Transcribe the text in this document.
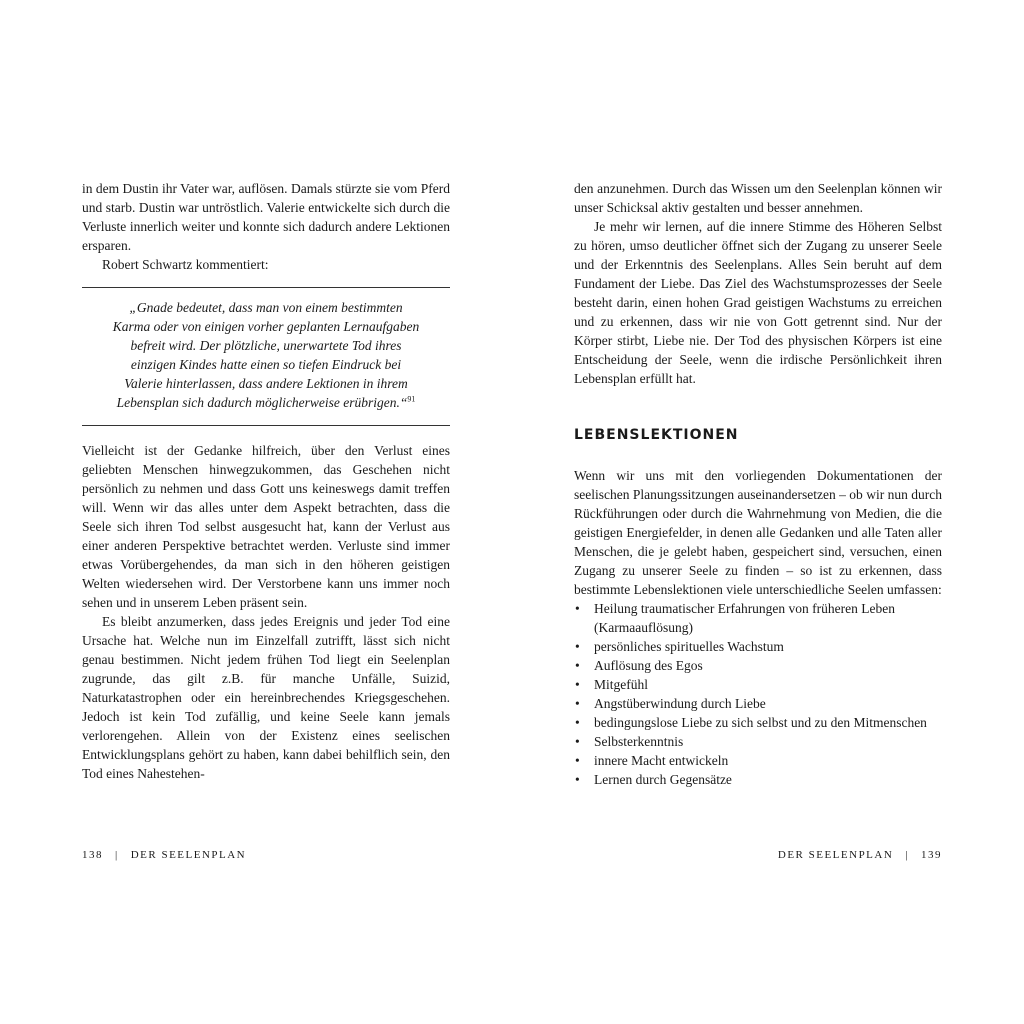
in dem Dustin ihr Vater war, auflösen. Damals stürzte sie vom Pferd und starb. Dustin war untröstlich. Valerie entwickelte sich durch die Verluste innerlich weiter und konnte sich dadurch andere Lektionen ersparen.

Robert Schwartz kommentiert:

„Gnade bedeutet, dass man von einem bestimmten Karma oder von einigen vorher geplanten Lernaufgaben befreit wird. Der plötzliche, unerwartete Tod ihres einzigen Kindes hatte einen so tiefen Eindruck bei Valerie hinterlassen, dass andere Lektionen in ihrem Lebensplan sich dadurch möglicherweise erübrigen.“$^{91}$

Vielleicht ist der Gedanke hilfreich, über den Verlust eines geliebten Menschen hinwegzukommen, das Geschehen nicht persönlich zu nehmen und dass Gott uns keineswegs damit treffen will. Wenn wir das alles unter dem Aspekt betrachten, dass die Seele sich ihren Tod selbst ausgesucht hat, kann der Verlust aus einer anderen Perspektive betrachtet werden. Verluste sind immer etwas Vorübergehendes, da man sich in den höheren geistigen Welten wiedersehen wird. Der Verstorbene kann uns immer noch sehen und in unserem Leben präsent sein.

Es bleibt anzumerken, dass jedes Ereignis und jeder Tod eine Ursache hat. Welche nun im Einzelfall zutrifft, lässt sich nicht genau bestimmen. Nicht jedem frühen Tod liegt ein Seelenplan zugrunde, das gilt z.B. für manche Unfälle, Suizid, Naturkatastrophen oder ein hereinbrechendes Kriegsgeschehen. Jedoch ist kein Tod zufällig, und keine Seele kann jemals verlorengehen. Allein von der Existenz eines seelischen Entwicklungsplans gehört zu haben, kann dabei behilflich sein, den Tod eines Nahestehen-

138 | DER SEELENPLAN

den anzunehmen. Durch das Wissen um den Seelenplan können wir unser Schicksal aktiv gestalten und besser annehmen.

Je mehr wir lernen, auf die innere Stimme des Höheren Selbst zu hören, umso deutlicher öffnet sich der Zugang zu unserer Seele und der Erkenntnis des Seelenplans. Alles Sein beruht auf dem Fundament der Liebe. Das Ziel des Wachstumsprozesses der Seele besteht darin, einen hohen Grad geistigen Wachstums zu erreichen und zu erkennen, dass wir nie von Gott getrennt sind. Nur der Körper stirbt, Liebe nie. Der Tod des physischen Körpers ist eine Entscheidung der Seele, wenn die irdische Persönlichkeit ihren Lebensplan erfüllt hat.

LEBENSLEKTIONEN

Wenn wir uns mit den vorliegenden Dokumentationen der seelischen Planungssitzungen auseinandersetzen – ob wir nun durch Rückführungen oder durch die Wahrnehmung von Medien, die die geistigen Energiefelder, in denen alle Gedanken und alle Taten aller Menschen, die je gelebt haben, gespeichert sind, versuchen, einen Zugang zu unserer Seele zu finden – so ist zu erkennen, dass bestimmte Lebenslektionen viele unterschiedliche Seelen umfassen:

• Heilung traumatischer Erfahrungen von früheren Leben (Karmaauflösung)
• persönliches spirituelles Wachstum
• Auflösung des Egos
• Mitgefühl
• Angstüberwindung durch Liebe
• bedingungslose Liebe zu sich selbst und zu den Mitmenschen
• Selbsterkenntnis
• innere Macht entwickeln
• Lernen durch Gegensätze
DER SEELENPLAN | 139
